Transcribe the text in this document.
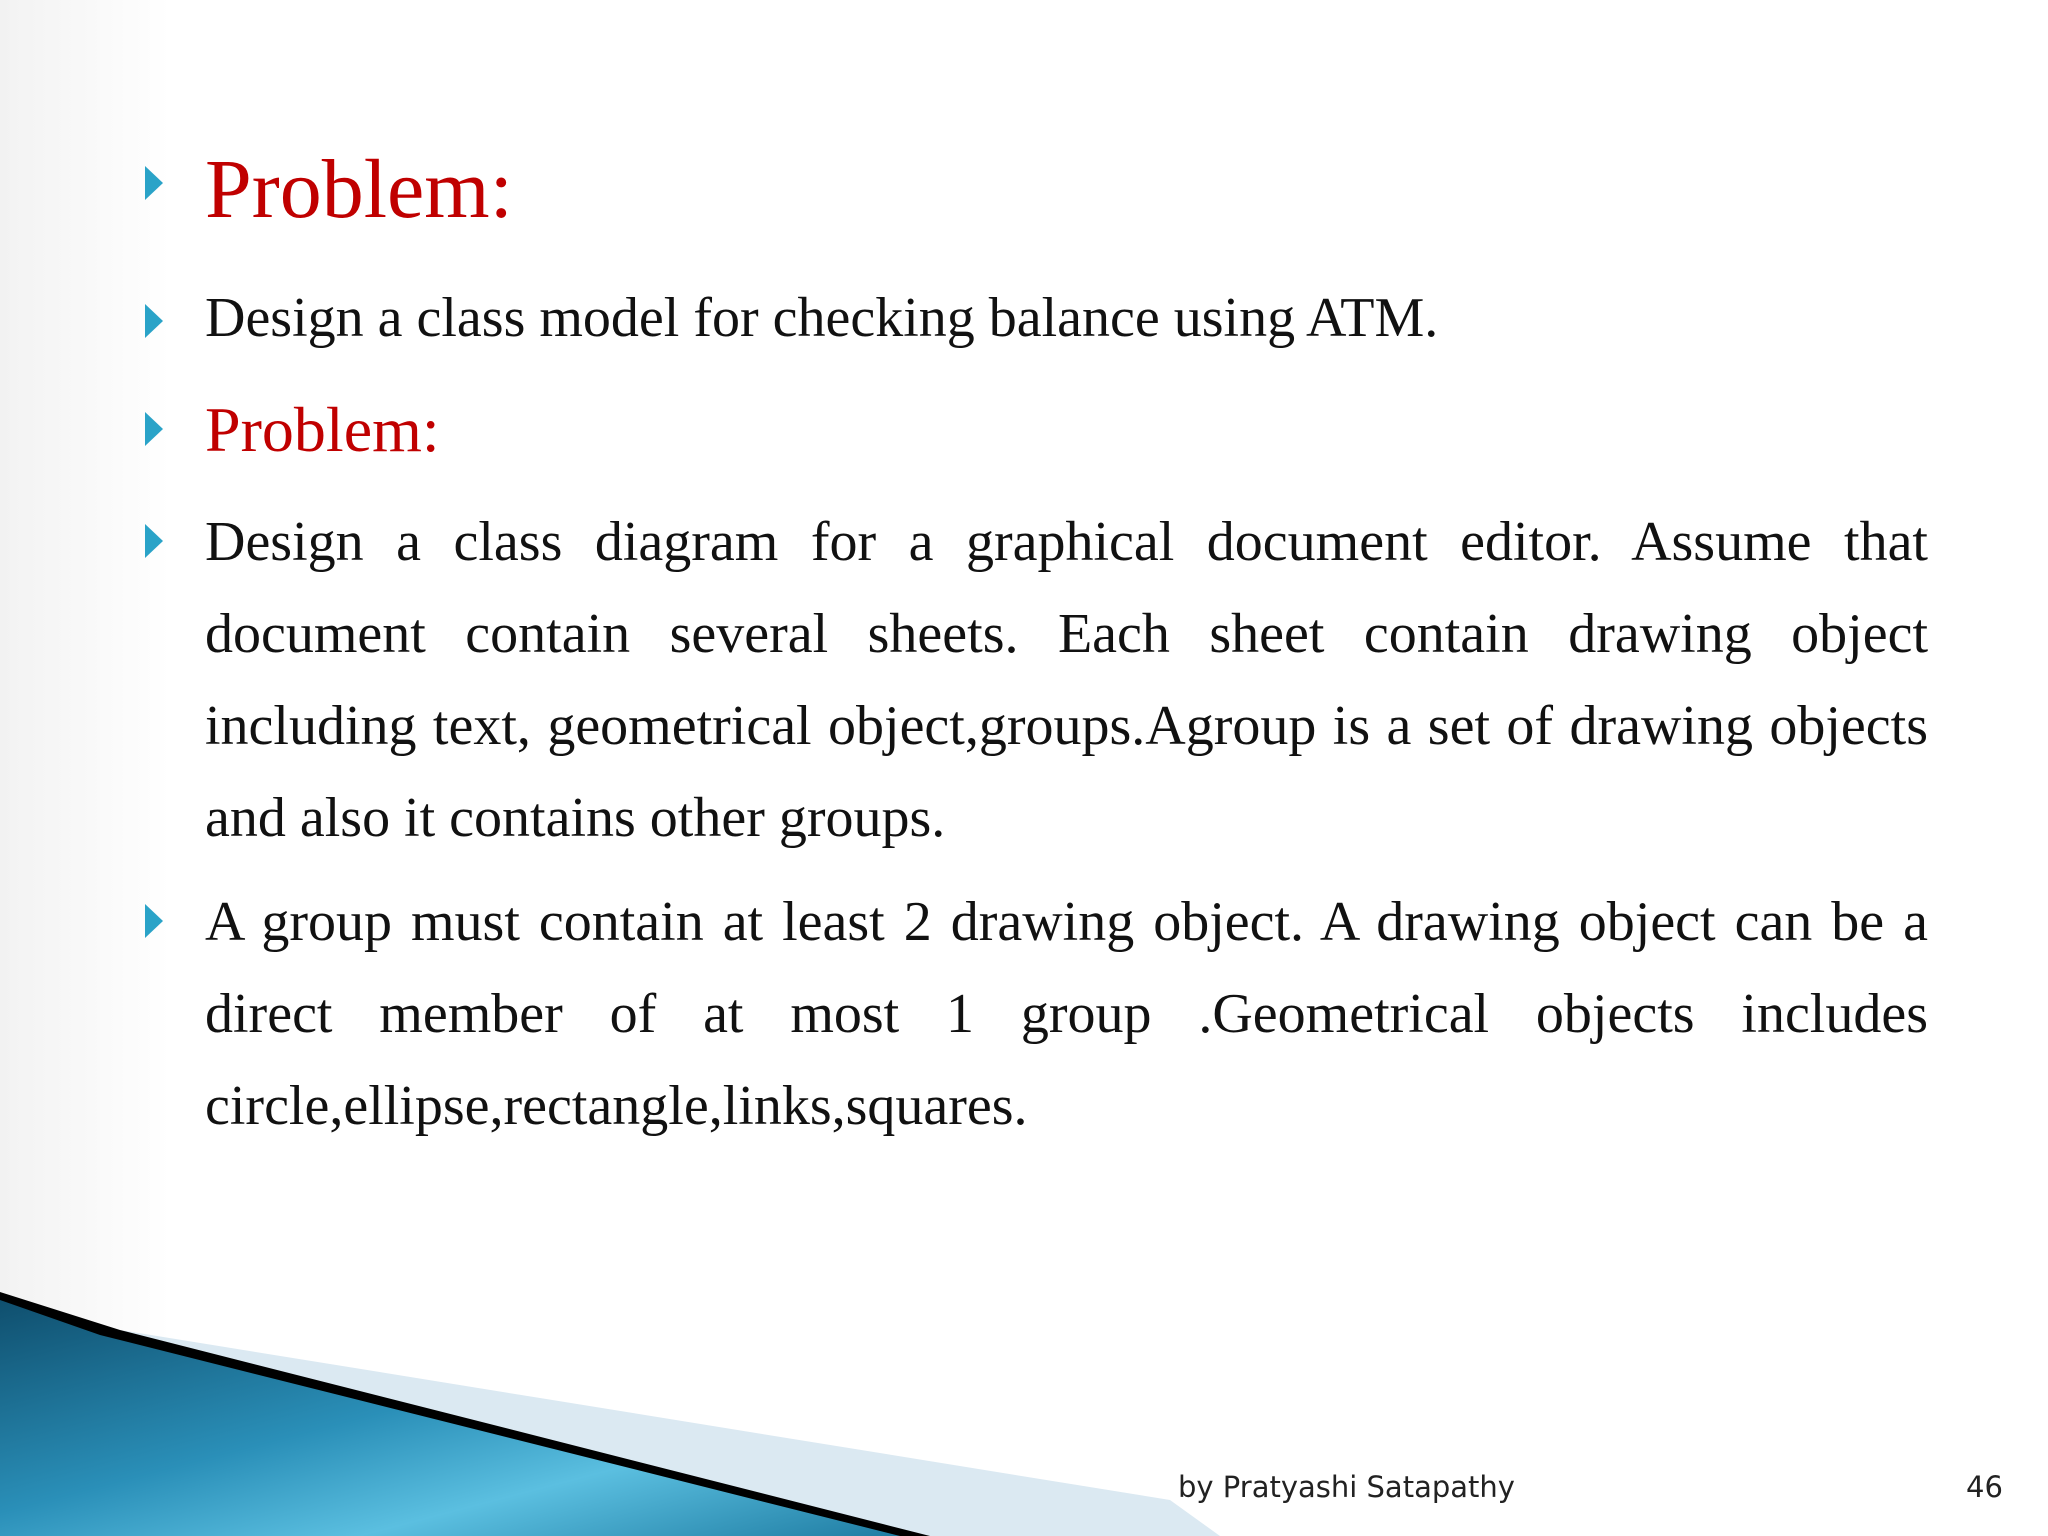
Problem:
Design a class model for checking balance using ATM.
Problem:
Design a class diagram for a graphical document editor. Assume that document contain several sheets. Each sheet contain drawing object including text, geometrical object,groups.Agroup is a set of drawing objects and also it contains other groups.
A group must contain at least 2 drawing object. A drawing object can be a direct member of at most 1 group .Geometrical objects includes circle,ellipse,rectangle,links,squares.
by Pratyashi Satapathy	46
